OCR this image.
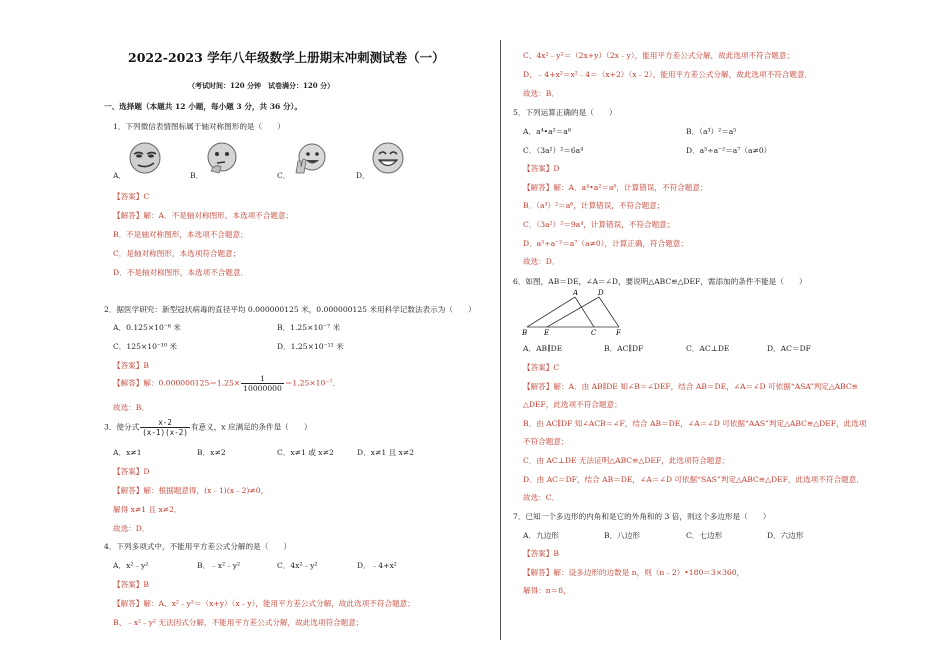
2022-2023 学年八年级数学上册期末冲刺测试卷（一）
（考试时间：120 分钟　试卷满分：120 分）
一、选择题（本题共 12 小题，每小题 3 分，共 36 分）。
1．下列微信表情图标属于轴对称图形的是（　　）
A．	B．	C．	D．
【答案】C
【解答】解：A．不是轴对称图形，本选项不合题意；
B．不是轴对称图形，本选项不合题意；
C．是轴对称图形，本选项符合题意；
D．不是轴对称图形，本选项不合题意．
2．据医学研究：新型冠状病毒的直径平均 0.000000125 米，0.000000125 米用科学记数法表示为（　　）
A．0.125×10⁻⁶ 米	B．1.25×10⁻⁷ 米
C．125×10⁻¹⁰ 米	D．1.25×10⁻¹¹ 米
【答案】B
【解答】解：$0.000000125=1.25\times \frac{1}{10000000} =1.25\times 10^{-7}$．
故选：B．
3．使分式 $\frac{x-2}{(x-1)(x-2)}$ 有意义，x 应满足的条件是（　　）
A．x≠1	B．x≠2	C．x≠1 或 x≠2	D．x≠1 且 x≠2
【答案】D
【解答】解：根据题意得，(x﹣1)(x﹣2)≠0，
解得 x≠1 且 x≠2．
故选：D．
4．下列多项式中，不能用平方差公式分解的是（　　）
A．x²﹣y²	B．﹣x²﹣y²	C．4x²﹣y²	D．﹣4+x²
【答案】B
【解答】解：A、x²﹣y²＝（x+y）（x﹣y），能用平方差公式分解，故此选项不符合题意；
B、﹣x²﹣y² 无法因式分解，不能用平方差公式分解，故此选项符合题意；
C、4x²﹣y²＝（2x+y）（2x﹣y），能用平方差公式分解，故此选项不符合题意；
D、﹣4+x²＝x²﹣4＝（x+2）（x﹣2），能用平方差公式分解，故此选项不符合题意．
故选：B．
5．下列运算正确的是（　　）
A．a⁴•a²＝a⁸	B．（a³）²＝a⁵
C．（3a²）²＝6a⁴	D．a⁵÷a⁻²＝a⁷（a≠0）
【答案】D
【解答】解：A．a⁴•a²＝a⁶，计算错误，不符合题意；
B．（a³）²＝a⁶，计算错误，不符合题意；
C．（3a²）²＝9a⁴，计算错误，不符合题意；
D．a⁵÷a⁻²＝a⁷（a≠0），计算正确，符合题意；
故选：D．
6．如图，AB＝DE，∠A＝∠D，要说明△ABC≌△DEF，需添加的条件不能是（　　）
A	D
B E	C	F
A．AB∥DE	B．AC∥DF	C．AC⊥DE	D．AC＝DF
【答案】C
【解答】解：A．由 AB∥DE 知∠B＝∠DEF，结合 AB＝DE，∠A＝∠D 可依据“ASA”判定△ABC≌
△DEF，此选项不符合题意；
B．由 AC∥DF 知∠ACB＝∠F，结合 AB＝DE，∠A＝∠D 可依据“AAS”判定△ABC≌△DEF，此选项
不符合题意；
C．由 AC⊥DE 无法证明△ABC≌△DEF，此选项符合题意；
D．由 AC＝DF，结合 AB＝DE，∠A＝∠D 可依据“SAS”判定△ABC≌△DEF，此选项不符合题意．
故选：C．
7．已知一个多边形的内角和是它的外角和的 3 倍，则这个多边形是（　　）
A．九边形	B．八边形	C．七边形	D．六边形
【答案】B
【解答】解：设多边形的边数是 n，则（n﹣2）•180＝3×360，
解得：n＝8，
